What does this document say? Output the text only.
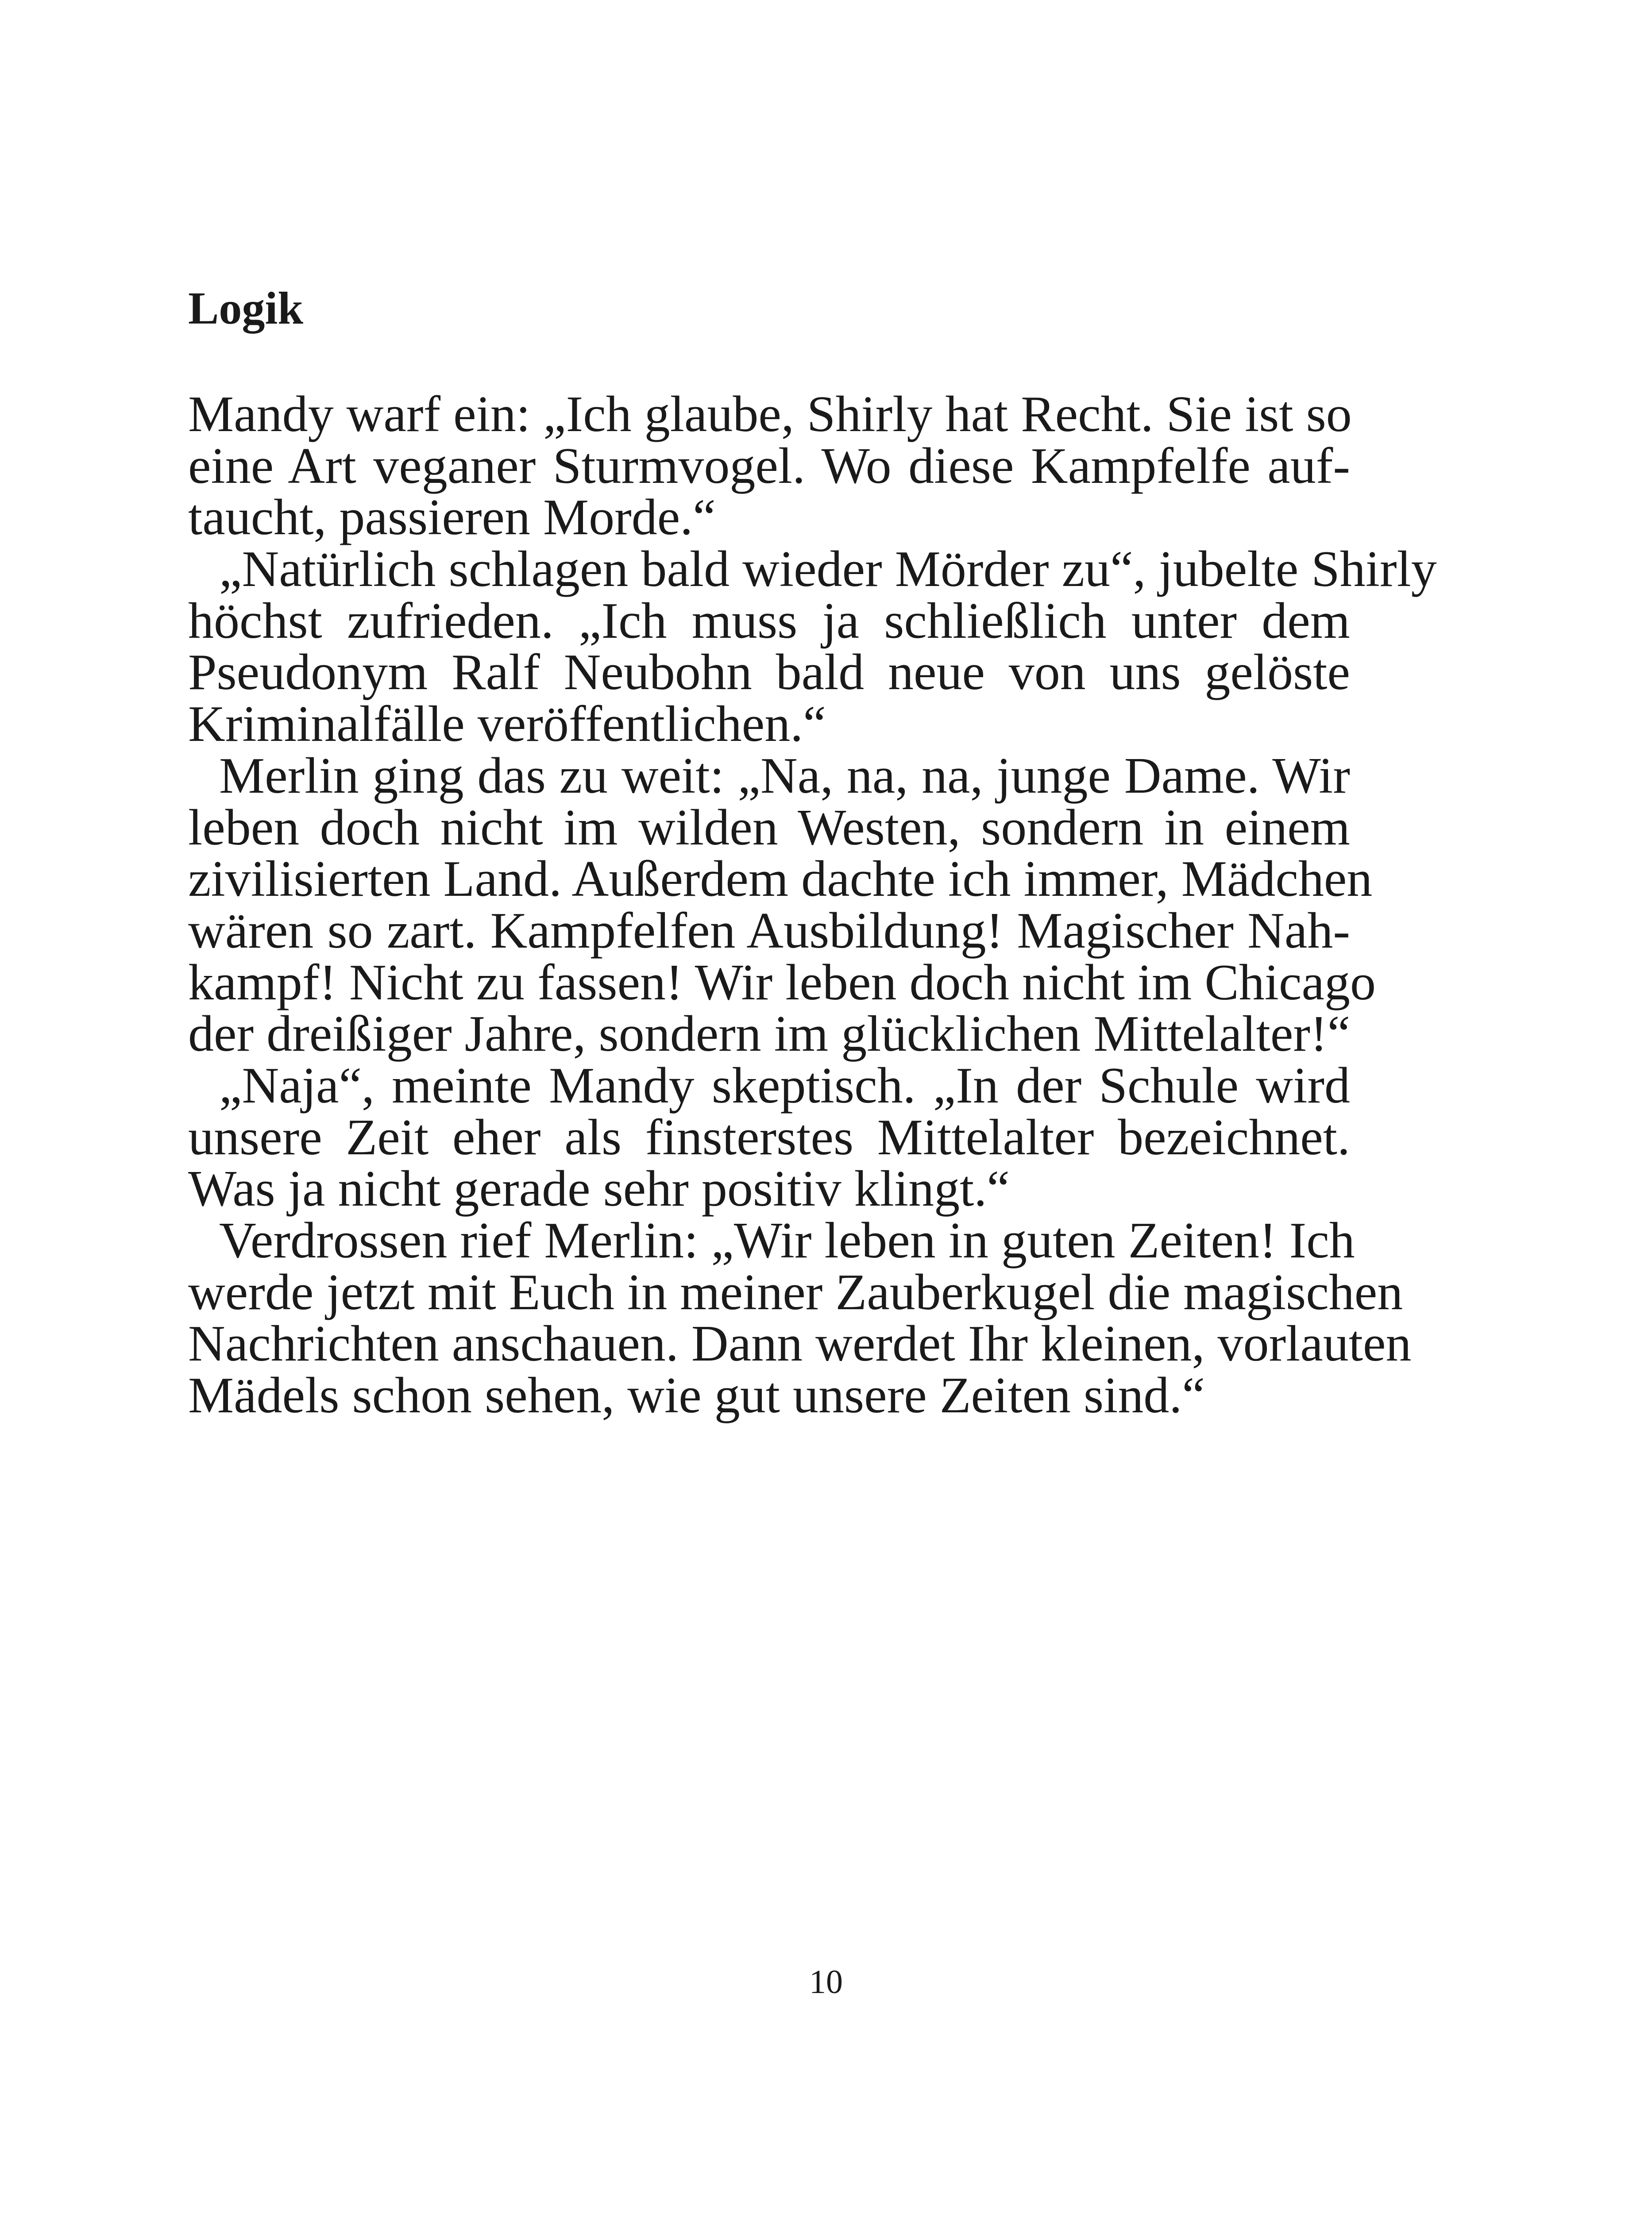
Logik
Mandy warf ein: „Ich glaube, Shirly hat Recht. Sie ist so
eine Art veganer Sturmvogel. Wo diese Kampfelfe auf-
taucht, passieren Morde.“
„Natürlich schlagen bald wieder Mörder zu“, jubelte Shirly
höchst zufrieden. „Ich muss ja schließlich unter dem
Pseudonym Ralf Neubohn bald neue von uns gelöste
Kriminalfälle veröffentlichen.“
Merlin ging das zu weit: „Na, na, na, junge Dame. Wir
leben doch nicht im wilden Westen, sondern in einem
zivilisierten Land. Außerdem dachte ich immer, Mädchen
wären so zart. Kampfelfen Ausbildung! Magischer Nah-
kampf! Nicht zu fassen! Wir leben doch nicht im Chicago
der dreißiger Jahre, sondern im glücklichen Mittelalter!“
„Naja“, meinte Mandy skeptisch. „In der Schule wird
unsere Zeit eher als finsterstes Mittelalter bezeichnet.
Was ja nicht gerade sehr positiv klingt.“
Verdrossen rief Merlin: „Wir leben in guten Zeiten! Ich
werde jetzt mit Euch in meiner Zauberkugel die magischen
Nachrichten anschauen. Dann werdet Ihr kleinen, vorlauten
Mädels schon sehen, wie gut unsere Zeiten sind.“
10
